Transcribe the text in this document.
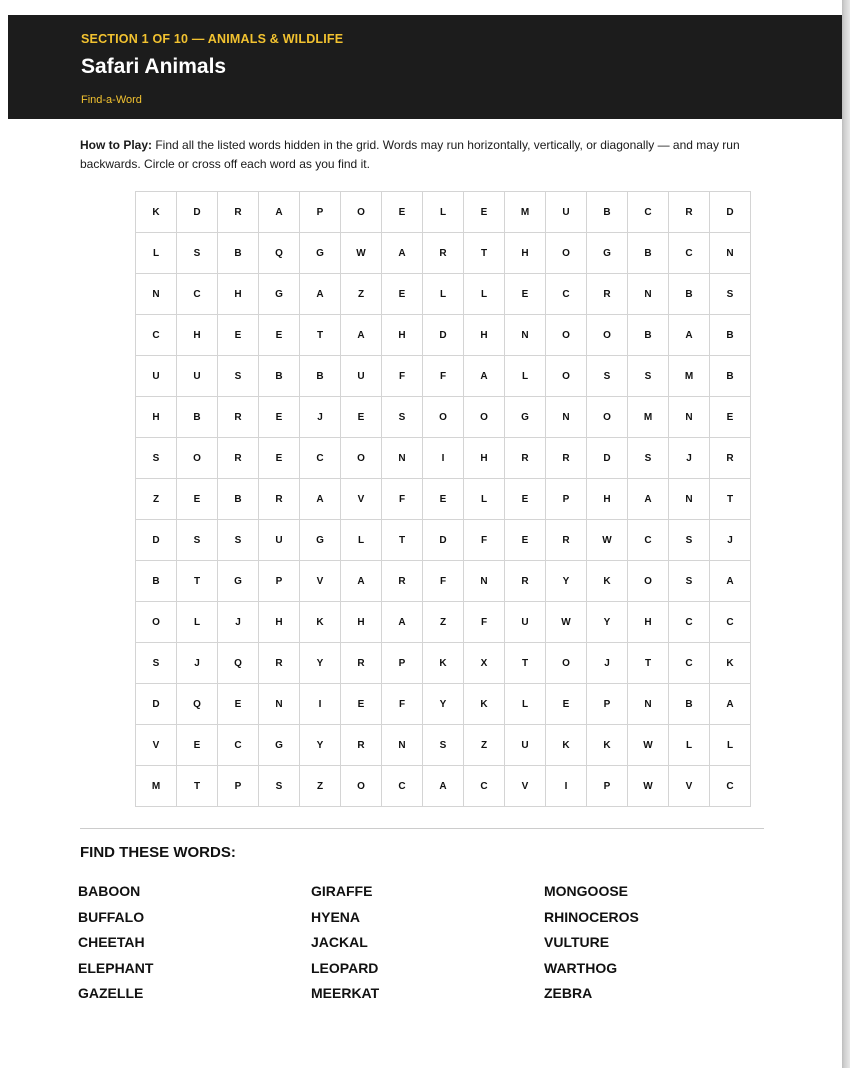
SECTION 1 OF 10 — ANIMALS & WILDLIFE
Safari Animals
Find-a-Word
How to Play: Find all the listed words hidden in the grid. Words may run horizontally, vertically, or diagonally — and may run backwards. Circle or cross off each word as you find it.
K	D	R	A	P	O	E	L	E	M	U	B	C	R	D
L	S	B	Q	G	W	A	R	T	H	O	G	B	C	N
N	C	H	G	A	Z	E	L	L	E	C	R	N	B	S
C	H	E	E	T	A	H	D	H	N	O	O	B	A	B
U	U	S	B	B	U	F	F	A	L	O	S	S	M	B
H	B	R	E	J	E	S	O	O	G	N	O	M	N	E
S	O	R	E	C	O	N	I	H	R	R	D	S	J	R
Z	E	B	R	A	V	F	E	L	E	P	H	A	N	T
D	S	S	U	G	L	T	D	F	E	R	W	C	S	J
B	T	G	P	V	A	R	F	N	R	Y	K	O	S	A
O	L	J	H	K	H	A	Z	F	U	W	Y	H	C	C
S	J	Q	R	Y	R	P	K	X	T	O	J	T	C	K
D	Q	E	N	I	E	F	Y	K	L	E	P	N	B	A
V	E	C	G	Y	R	N	S	Z	U	K	K	W	L	L
M	T	P	S	Z	O	C	A	C	V	I	P	W	V	C
FIND THESE WORDS:
BABOON
BUFFALO
CHEETAH
ELEPHANT
GAZELLE
GIRAFFE
HYENA
JACKAL
LEOPARD
MEERKAT
MONGOOSE
RHINOCEROS
VULTURE
WARTHOG
ZEBRA
